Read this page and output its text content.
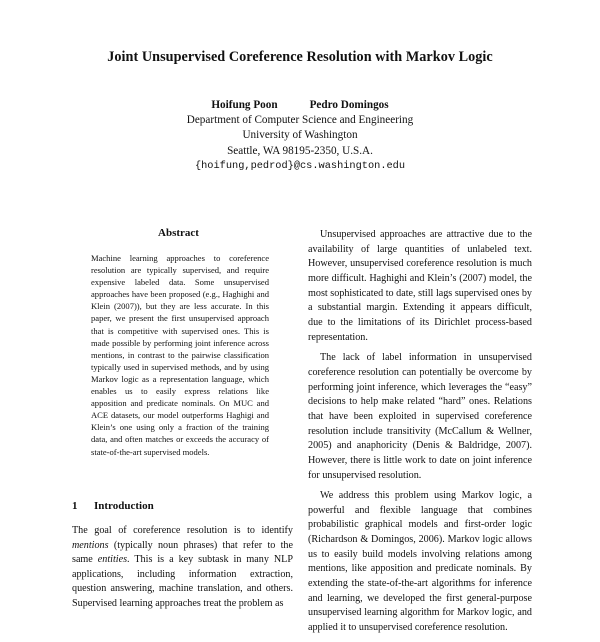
Joint Unsupervised Coreference Resolution with Markov Logic
Hoifung Poon	Pedro Domingos
Department of Computer Science and Engineering
University of Washington
Seattle, WA 98195-2350, U.S.A.
{hoifung,pedrod}@cs.washington.edu
Abstract

Machine learning approaches to coreference resolution are typically supervised, and require expensive labeled data. Some unsupervised approaches have been proposed (e.g., Haghighi and Klein (2007)), but they are less accurate. In this paper, we present the first unsupervised approach that is competitive with supervised ones. This is made possible by performing joint inference across mentions, in contrast to the pairwise classification typically used in supervised methods, and by using Markov logic as a representation language, which enables us to easily express relations like apposition and predicate nominals. On MUC and ACE datasets, our model outperforms Haghigi and Klein’s one using only a fraction of the training data, and often matches or exceeds the accuracy of state-of-the-art supervised models.

1 Introduction

The goal of coreference resolution is to identify mentions (typically noun phrases) that refer to the same entities. This is a key subtask in many NLP applications, including information extraction, question answering, machine translation, and others. Supervised learning approaches treat the problem as

Unsupervised approaches are attractive due to the availability of large quantities of unlabeled text. However, unsupervised coreference resolution is much more difficult. Haghighi and Klein’s (2007) model, the most sophisticated to date, still lags supervised ones by a substantial margin. Extending it appears difficult, due to the limitations of its Dirichlet process-based representation.

The lack of label information in unsupervised coreference resolution can potentially be overcome by performing joint inference, which leverages the “easy” decisions to help make related “hard” ones. Relations that have been exploited in supervised coreference resolution include transitivity (McCallum & Wellner, 2005) and anaphoricity (Denis & Baldridge, 2007). However, there is little work to date on joint inference for unsupervised resolution.

We address this problem using Markov logic, a powerful and flexible language that combines probabilistic graphical models and first-order logic (Richardson & Domingos, 2006). Markov logic allows us to easily build models involving relations among mentions, like apposition and predicate nominals. By extending the state-of-the-art algorithms for inference and learning, we developed the first general-purpose unsupervised learning algorithm for Markov logic, and applied it to unsupervised coreference resolution.
